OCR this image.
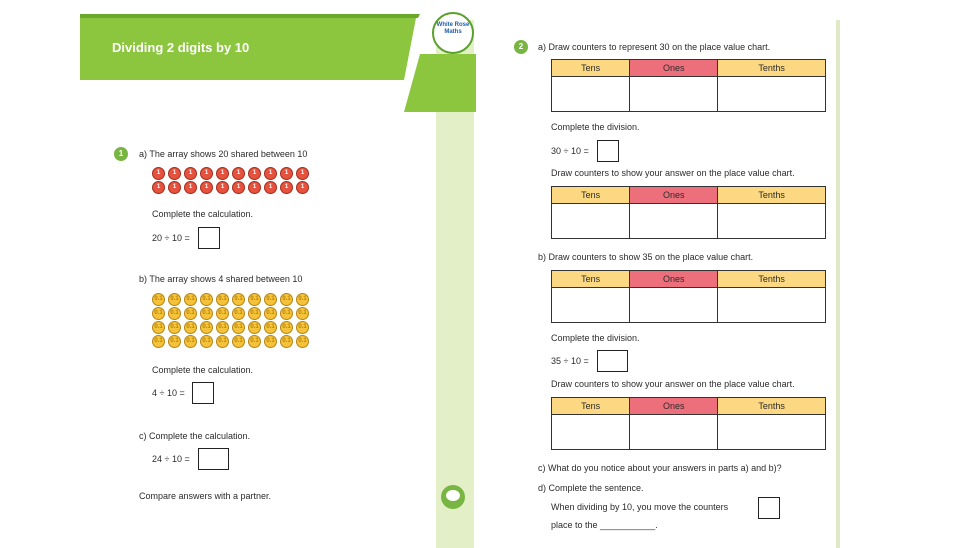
Dividing 2 digits by 10
White Rose Maths
1	a) The array shows 20 shared between 10
1	1	1	1	1	1	1	1	1	1
1	1	1	1	1	1	1	1	1	1
Complete the calculation.
20 ÷ 10 =
b) The array shows 4 shared between 10
0.1	0.1	0.1	0.1	0.1	0.1	0.1	0.1	0.1	0.1
0.1	0.1	0.1	0.1	0.1	0.1	0.1	0.1	0.1	0.1
0.1	0.1	0.1	0.1	0.1	0.1	0.1	0.1	0.1	0.1
0.1	0.1	0.1	0.1	0.1	0.1	0.1	0.1	0.1	0.1
Complete the calculation.
4 ÷ 10 =
c) Complete the calculation.
24 ÷ 10 =
Compare answers with a partner.
2	a) Draw counters to represent 30 on the place value chart.
Tens	Ones	Tenths

Complete the division.
30 ÷ 10 =
Draw counters to show your answer on the place value chart.
Tens	Ones	Tenths

b) Draw counters to show 35 on the place value chart.
Tens	Ones	Tenths

Complete the division.
35 ÷ 10 =
Draw counters to show your answer on the place value chart.
Tens	Ones	Tenths

c) What do you notice about your answers in parts a) and b)?
d) Complete the sentence.
When dividing by 10, you move the counters
place to the ___________.
